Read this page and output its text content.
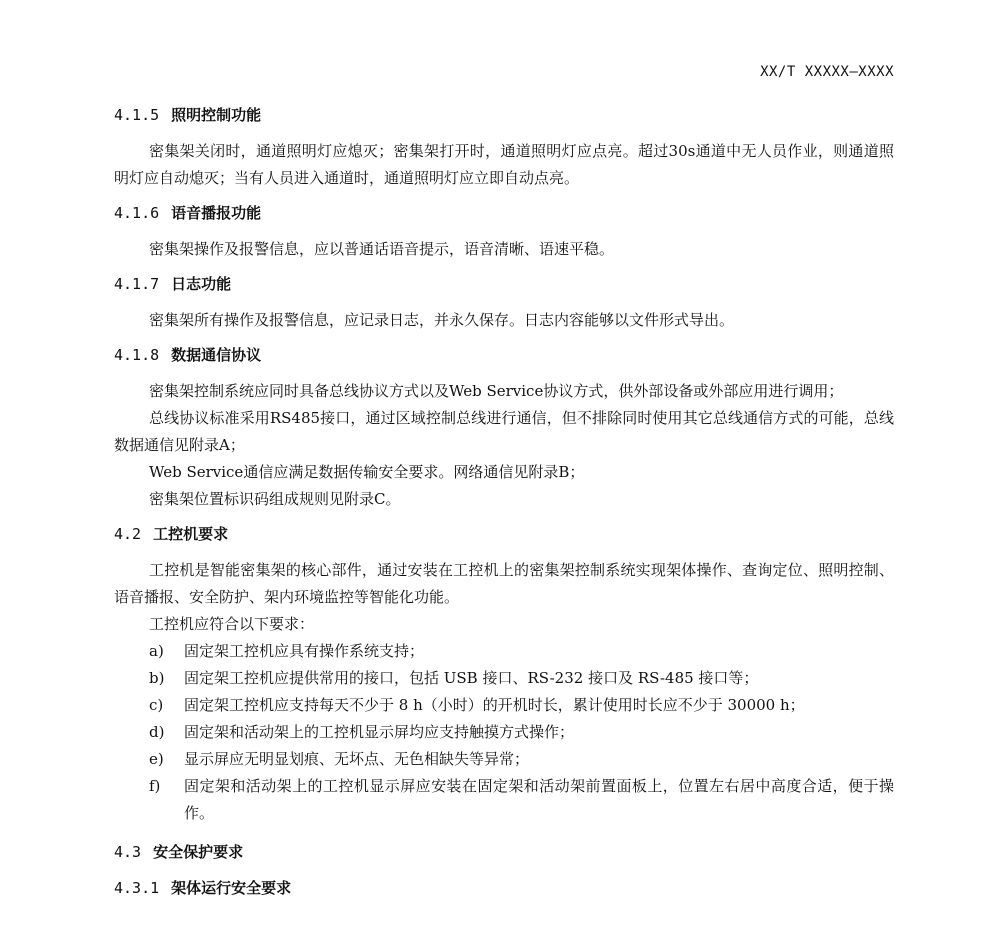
XX/T XXXXX—XXXX
4.1.5 照明控制功能

密集架关闭时，通道照明灯应熄灭；密集架打开时，通道照明灯应点亮。超过30s通道中无人员作业，则通道照明灯应自动熄灭；当有人员进入通道时，通道照明灯应立即自动点亮。

4.1.6 语音播报功能

密集架操作及报警信息，应以普通话语音提示，语音清晰、语速平稳。

4.1.7 日志功能

密集架所有操作及报警信息，应记录日志，并永久保存。日志内容能够以文件形式导出。

4.1.8 数据通信协议

密集架控制系统应同时具备总线协议方式以及Web Service协议方式，供外部设备或外部应用进行调用；

总线协议标准采用RS485接口，通过区域控制总线进行通信，但不排除同时使用其它总线通信方式的可能，总线数据通信见附录A；

Web Service通信应满足数据传输安全要求。网络通信见附录B；

密集架位置标识码组成规则见附录C。

4.2 工控机要求

工控机是智能密集架的核心部件，通过安装在工控机上的密集架控制系统实现架体操作、查询定位、照明控制、语音播报、安全防护、架内环境监控等智能化功能。

工控机应符合以下要求：

a) 固定架工控机应具有操作系统支持；
b) 固定架工控机应提供常用的接口，包括 USB 接口、RS-232 接口及 RS-485 接口等；
c) 固定架工控机应支持每天不少于 8 h（小时）的开机时长，累计使用时长应不少于 30000 h；
d) 固定架和活动架上的工控机显示屏均应支持触摸方式操作；
e) 显示屏应无明显划痕、无坏点、无色相缺失等异常；
f) 固定架和活动架上的工控机显示屏应安装在固定架和活动架前置面板上，位置左右居中高度合适，便于操作。
4.3 安全保护要求
4.3.1 架体运行安全要求
